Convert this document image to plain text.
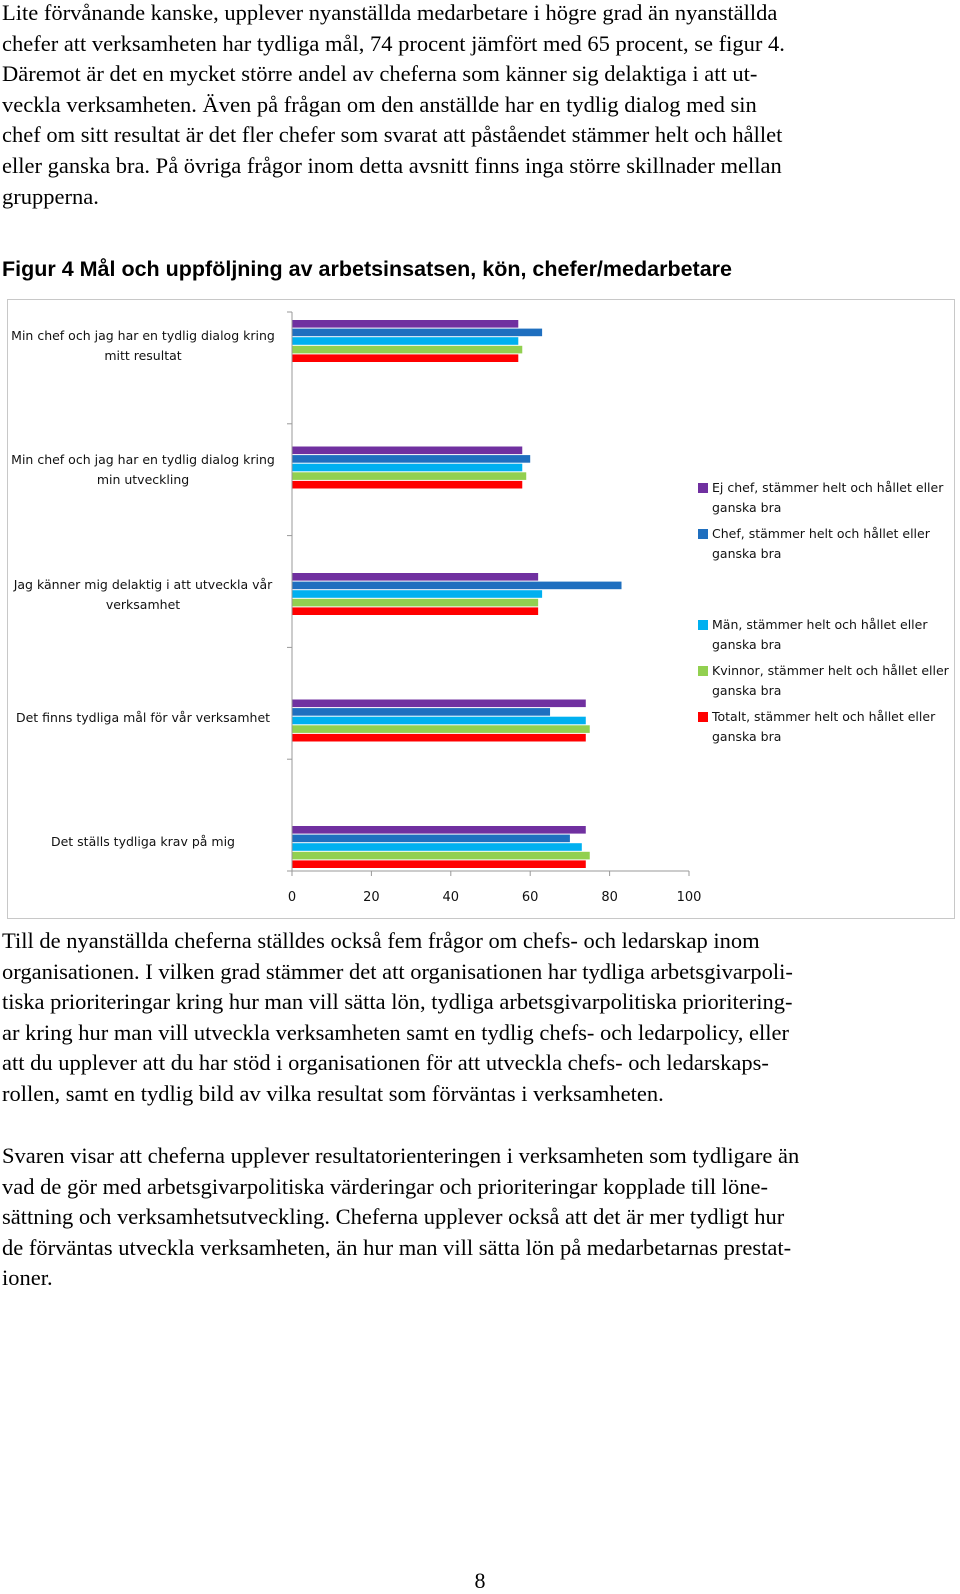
Lite förvånande kanske, upplever nyanställda medarbetare i högre grad än nyanställda
chefer att verksamheten har tydliga mål, 74 procent jämfört med 65 procent, se figur 4.
Däremot är det en mycket större andel av cheferna som känner sig delaktiga i att ut-
veckla verksamheten. Även på frågan om den anställde har en tydlig dialog med sin
chef om sitt resultat är det fler chefer som svarat att påståendet stämmer helt och hållet
eller ganska bra. På övriga frågor inom detta avsnitt finns inga större skillnader mellan
grupperna.
Figur 4 Mål och uppföljning av arbetsinsatsen, kön, chefer/medarbetare
Min chef och jag har en tydlig dialog kring mitt resultat
Min chef och jag har en tydlig dialog kring min utveckling
Jag känner mig delaktig i att utveckla vår verksamhet
Det finns tydliga mål för vår verksamhet
Det ställs tydliga krav på mig
0	20	40	60	80	100
Ej chef, stämmer helt och hållet eller ganska bra
Chef, stämmer helt och hållet eller ganska bra
Män, stämmer helt och hållet eller ganska bra
Kvinnor, stämmer helt och hållet eller ganska bra
Totalt, stämmer helt och hållet eller ganska bra
Till de nyanställda cheferna ställdes också fem frågor om chefs- och ledarskap inom
organisationen. I vilken grad stämmer det att organisationen har tydliga arbetsgivarpoli-
tiska prioriteringar kring hur man vill sätta lön, tydliga arbetsgivarpolitiska prioritering-
ar kring hur man vill utveckla verksamheten samt en tydlig chefs- och ledarpolicy, eller
att du upplever att du har stöd i organisationen för att utveckla chefs- och ledarskaps-
rollen, samt en tydlig bild av vilka resultat som förväntas i verksamheten.
Svaren visar att cheferna upplever resultatorienteringen i verksamheten som tydligare än
vad de gör med arbetsgivarpolitiska värderingar och prioriteringar kopplade till löne-
sättning och verksamhetsutveckling. Cheferna upplever också att det är mer tydligt hur
de förväntas utveckla verksamheten, än hur man vill sätta lön på medarbetarnas prestat-
ioner.
8
